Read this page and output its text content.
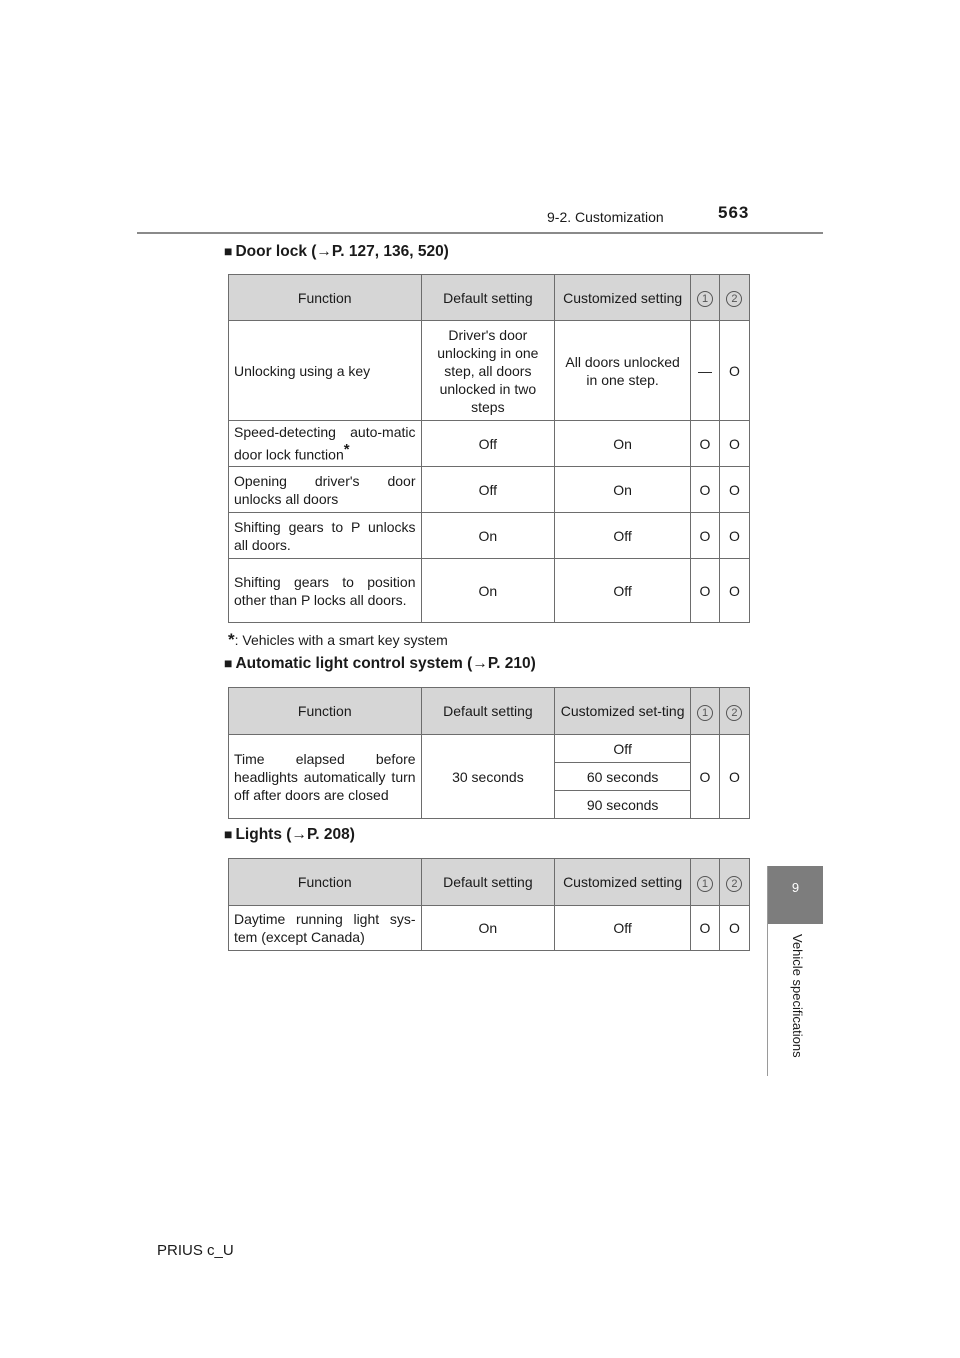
9-2. Customization	563
9
Vehicle specifications
■ Door lock (→P. 127, 136, 520)
Function	Default setting	Customized setting	1	2
Unlocking using a key	Driver's door unlocking in one step, all doors unlocked in two steps	All doors unlocked in one step.	—	O
Speed-detecting auto-matic door lock function*	Off	On	O	O
Opening driver's door unlocks all doors	Off	On	O	O
Shifting gears to P unlocks all doors.	On	Off	O	O
Shifting gears to position other than P locks all doors.	On	Off	O	O
*: Vehicles with a smart key system
■ Automatic light control system (→P. 210)
Function	Default setting	Customized set-ting	1	2
Time elapsed before headlights automatically turn off after doors are closed	30 seconds	Off	O	O
		60 seconds		
		90 seconds		
■ Lights (→P. 208)
Function	Default setting	Customized setting	1	2
Daytime running light sys-tem (except Canada)	On	Off	O	O
PRIUS c_U
